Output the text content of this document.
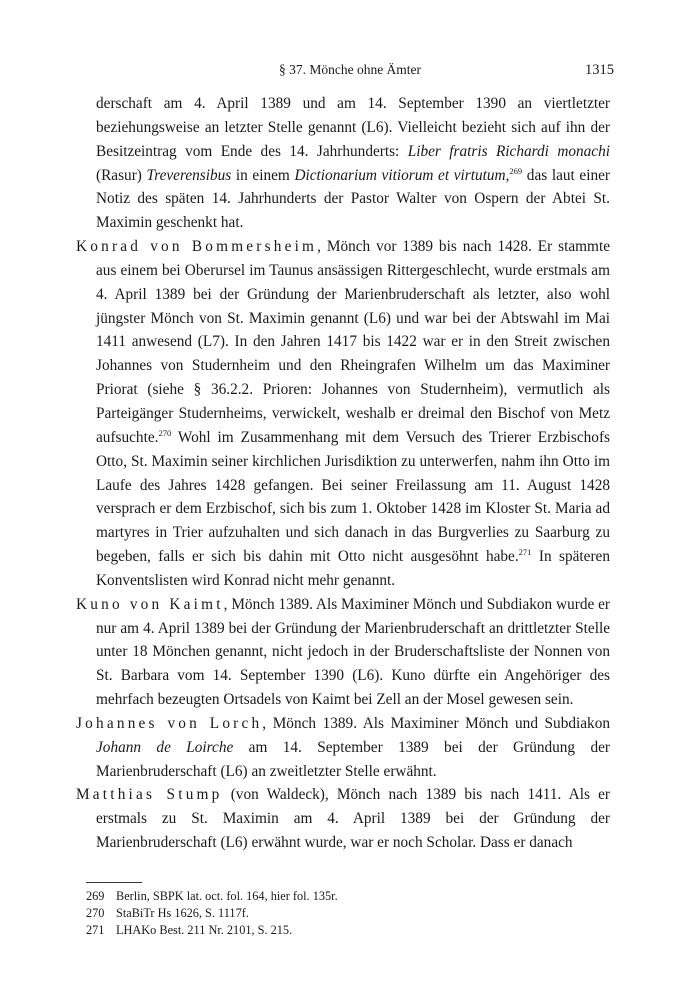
§ 37. Mönche ohne Ämter	1315

derschaft am 4. April 1389 und am 14. September 1390 an viertletzter beziehungsweise an letzter Stelle genannt (L6). Vielleicht bezieht sich auf ihn der Besitzeintrag vom Ende des 14. Jahrhunderts: Liber fratris Richardi monachi (Rasur) Treverensibus in einem Dictionarium vitiorum et virtutum,$^{269}$ das laut einer Notiz des späten 14. Jahrhunderts der Pastor Walter von Ospern der Abtei St. Maximin geschenkt hat.

Konrad von Bommersheim, Mönch vor 1389 bis nach 1428. Er stammte aus einem bei Oberursel im Taunus ansässigen Rittergeschlecht, wurde erstmals am 4. April 1389 bei der Gründung der Marienbruderschaft als letzter, also wohl jüngster Mönch von St. Maximin genannt (L6) und war bei der Abtswahl im Mai 1411 anwesend (L7). In den Jahren 1417 bis 1422 war er in den Streit zwischen Johannes von Studernheim und den Rheingrafen Wilhelm um das Maximiner Priorat (siehe § 36.2.2. Prioren: Johannes von Studernheim), vermutlich als Parteigänger Studernheims, verwickelt, weshalb er dreimal den Bischof von Metz aufsuchte.$^{270}$ Wohl im Zusammenhang mit dem Versuch des Trierer Erzbischofs Otto, St. Maximin seiner kirchlichen Jurisdiktion zu unterwerfen, nahm ihn Otto im Laufe des Jahres 1428 gefangen. Bei seiner Freilassung am 11. August 1428 versprach er dem Erzbischof, sich bis zum 1. Oktober 1428 im Kloster St. Maria ad martyres in Trier aufzuhalten und sich danach in das Burgverlies zu Saarburg zu begeben, falls er sich bis dahin mit Otto nicht ausgesöhnt habe.$^{271}$ In späteren Konventslisten wird Konrad nicht mehr genannt.

Kuno von Kaimt, Mönch 1389. Als Maximiner Mönch und Subdiakon wurde er nur am 4. April 1389 bei der Gründung der Marienbruderschaft an drittletzter Stelle unter 18 Mönchen genannt, nicht jedoch in der Bruderschaftsliste der Nonnen von St. Barbara vom 14. September 1390 (L6). Kuno dürfte ein Angehöriger des mehrfach bezeugten Ortsadels von Kaimt bei Zell an der Mosel gewesen sein.

Johannes von Lorch, Mönch 1389. Als Maximiner Mönch und Subdiakon Johann de Loirche am 14. September 1389 bei der Gründung der Marienbruderschaft (L6) an zweitletzter Stelle erwähnt.

Matthias Stump (von Waldeck), Mönch nach 1389 bis nach 1411. Als er erstmals zu St. Maximin am 4. April 1389 bei der Gründung der Marienbruderschaft (L6) erwähnt wurde, war er noch Scholar. Dass er danach

269 Berlin, SBPK lat. oct. fol. 164, hier fol. 135r.
270 StaBiTr Hs 1626, S. 1117f.
271 LHAKo Best. 211 Nr. 2101, S. 215.
